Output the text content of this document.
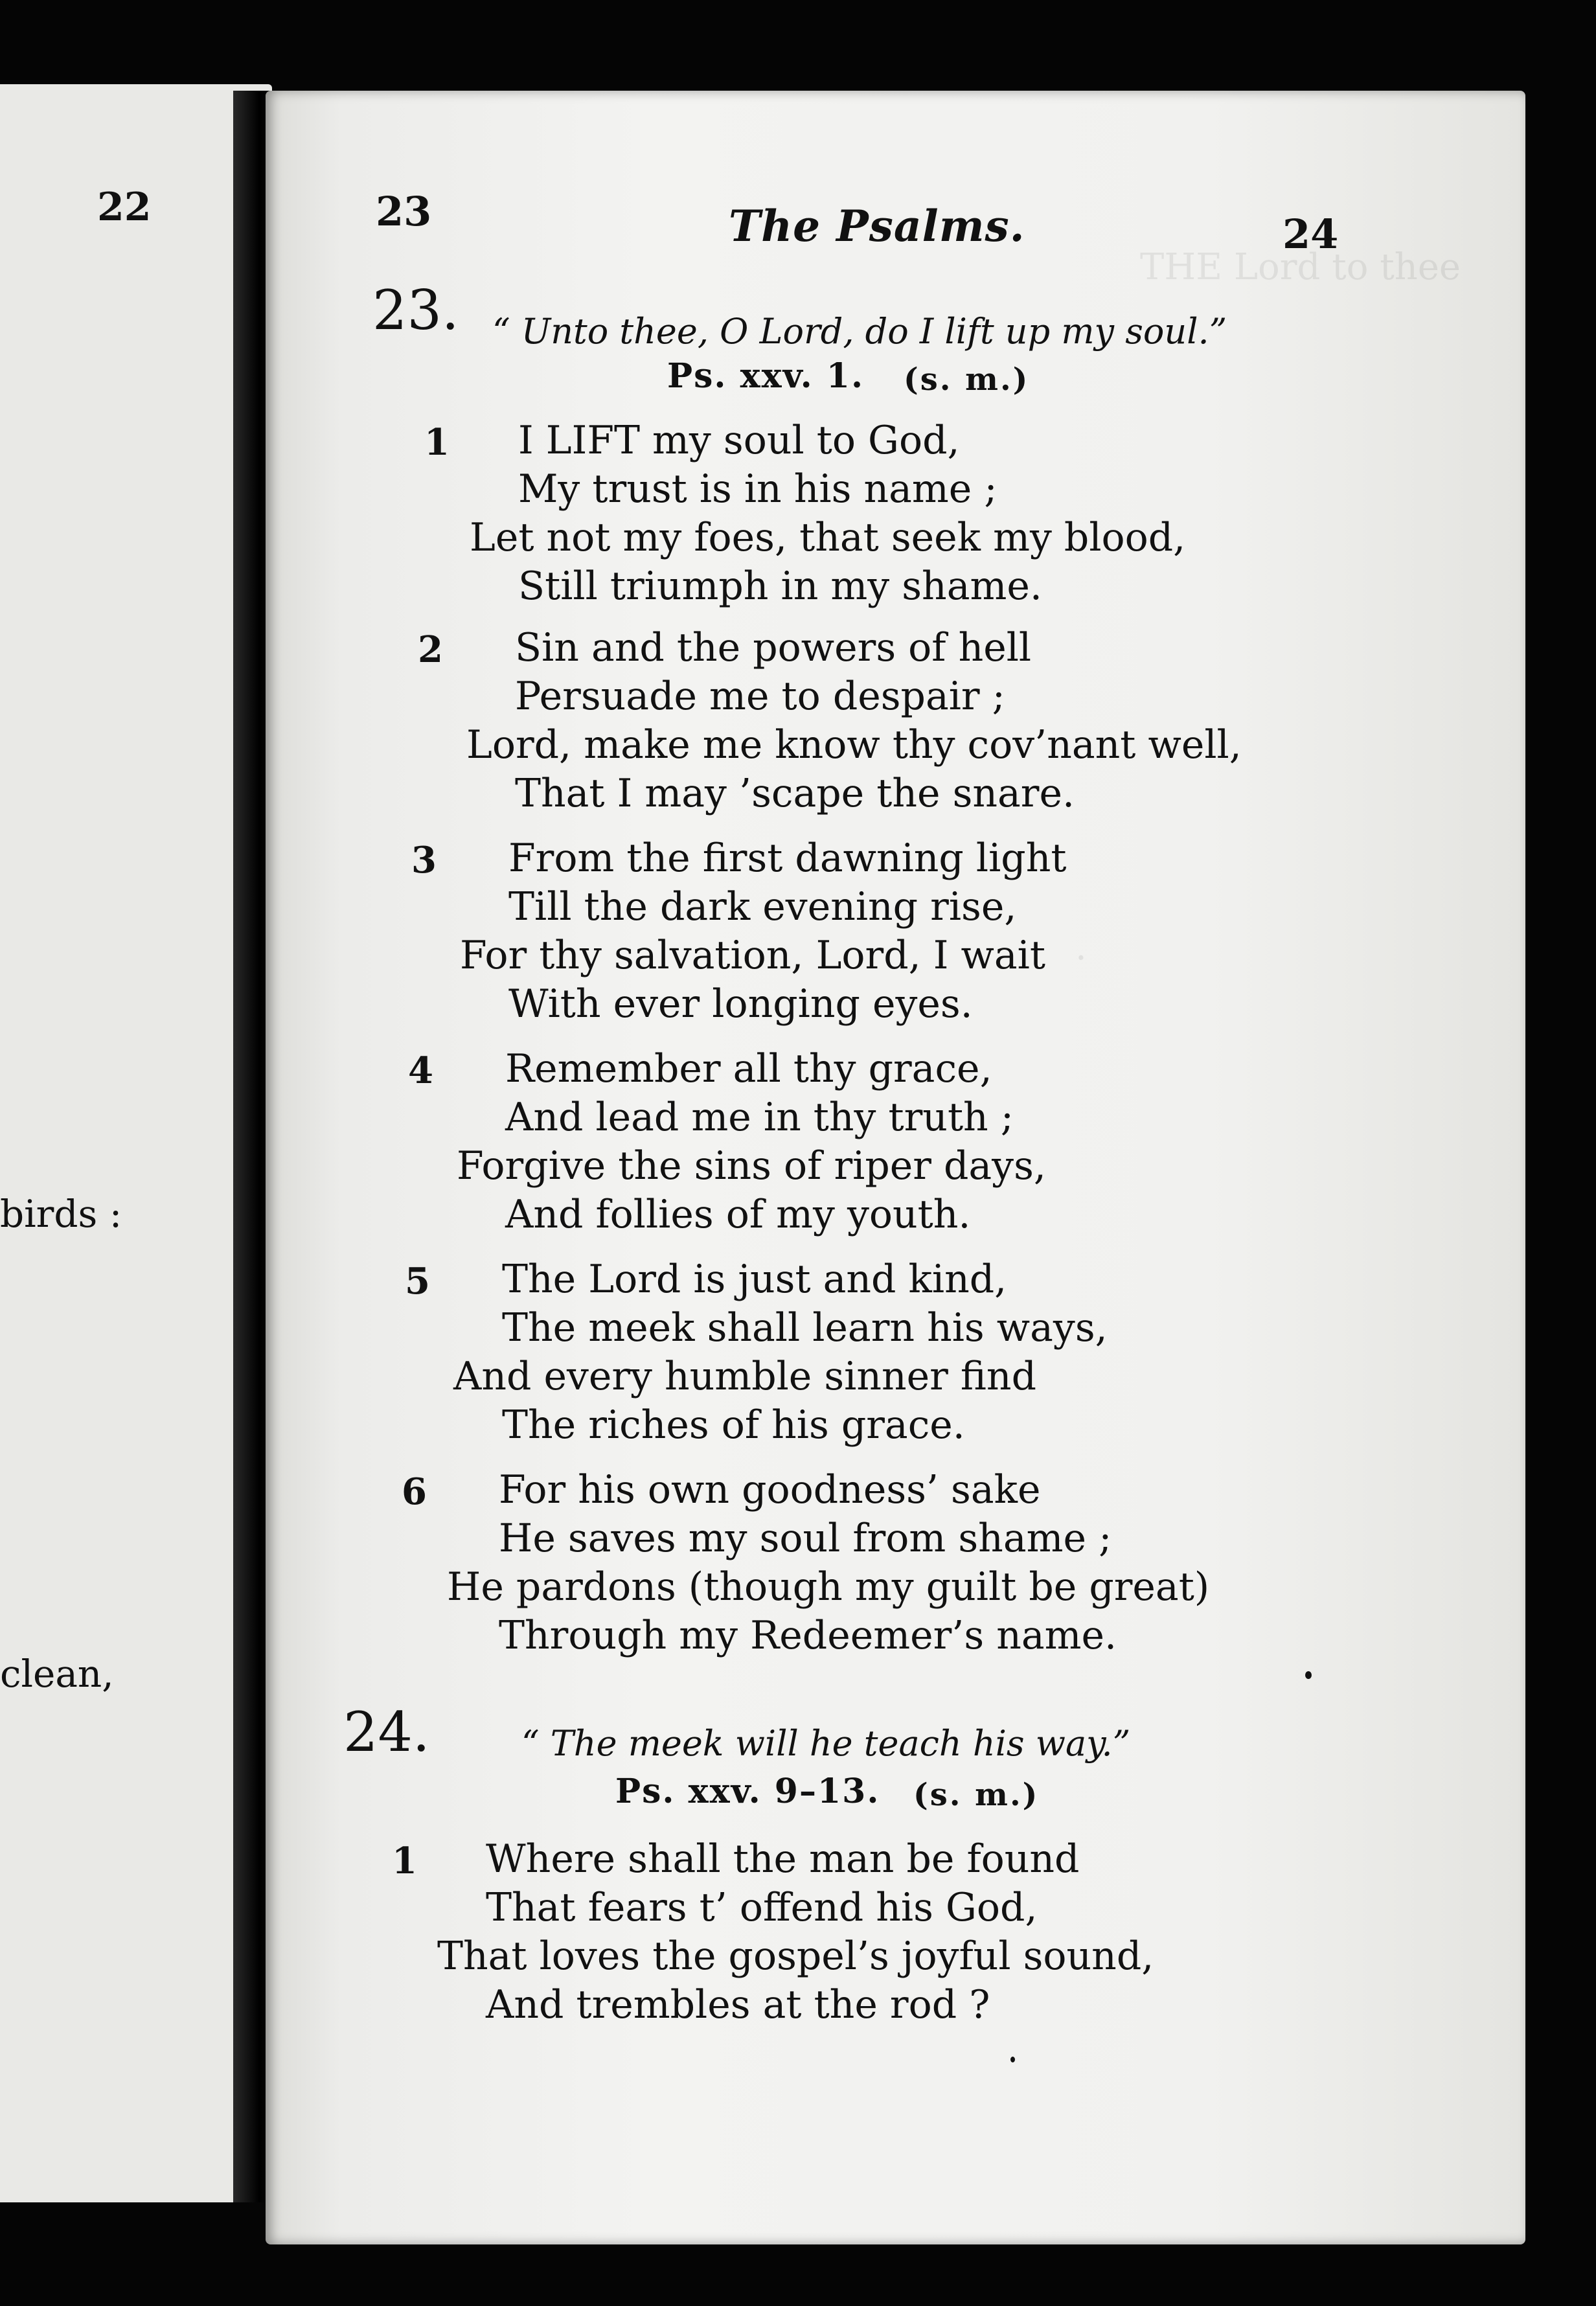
22
birds :
clean,
THE Lord to thee
.
23	The Psalms.	24
23. “ Unto thee, O Lord, do I lift up my soul.”
Ps. xxv. 1. (s. m.)
1 I LIFT my soul to God,
My trust is in his name ;
Let not my foes, that seek my blood,
Still triumph in my shame.
2 Sin and the powers of hell
Persuade me to despair ;
Lord, make me know thy cov’nant well,
That I may ’scape the snare.
3 From the first dawning light
Till the dark evening rise,
For thy salvation, Lord, I wait
With ever longing eyes.
4 Remember all thy grace,
And lead me in thy truth ;
Forgive the sins of riper days,
And follies of my youth.
5 The Lord is just and kind,
The meek shall learn his ways,
And every humble sinner find
The riches of his grace.
6 For his own goodness’ sake
He saves my soul from shame ;
He pardons (though my guilt be great)
Through my Redeemer’s name.
24.	“ The meek will he teach his way.”
Ps. xxv. 9–13. (s. m.)
1 Where shall the man be found
That fears t’ offend his God,
That loves the gospel’s joyful sound,
And trembles at the rod ?
